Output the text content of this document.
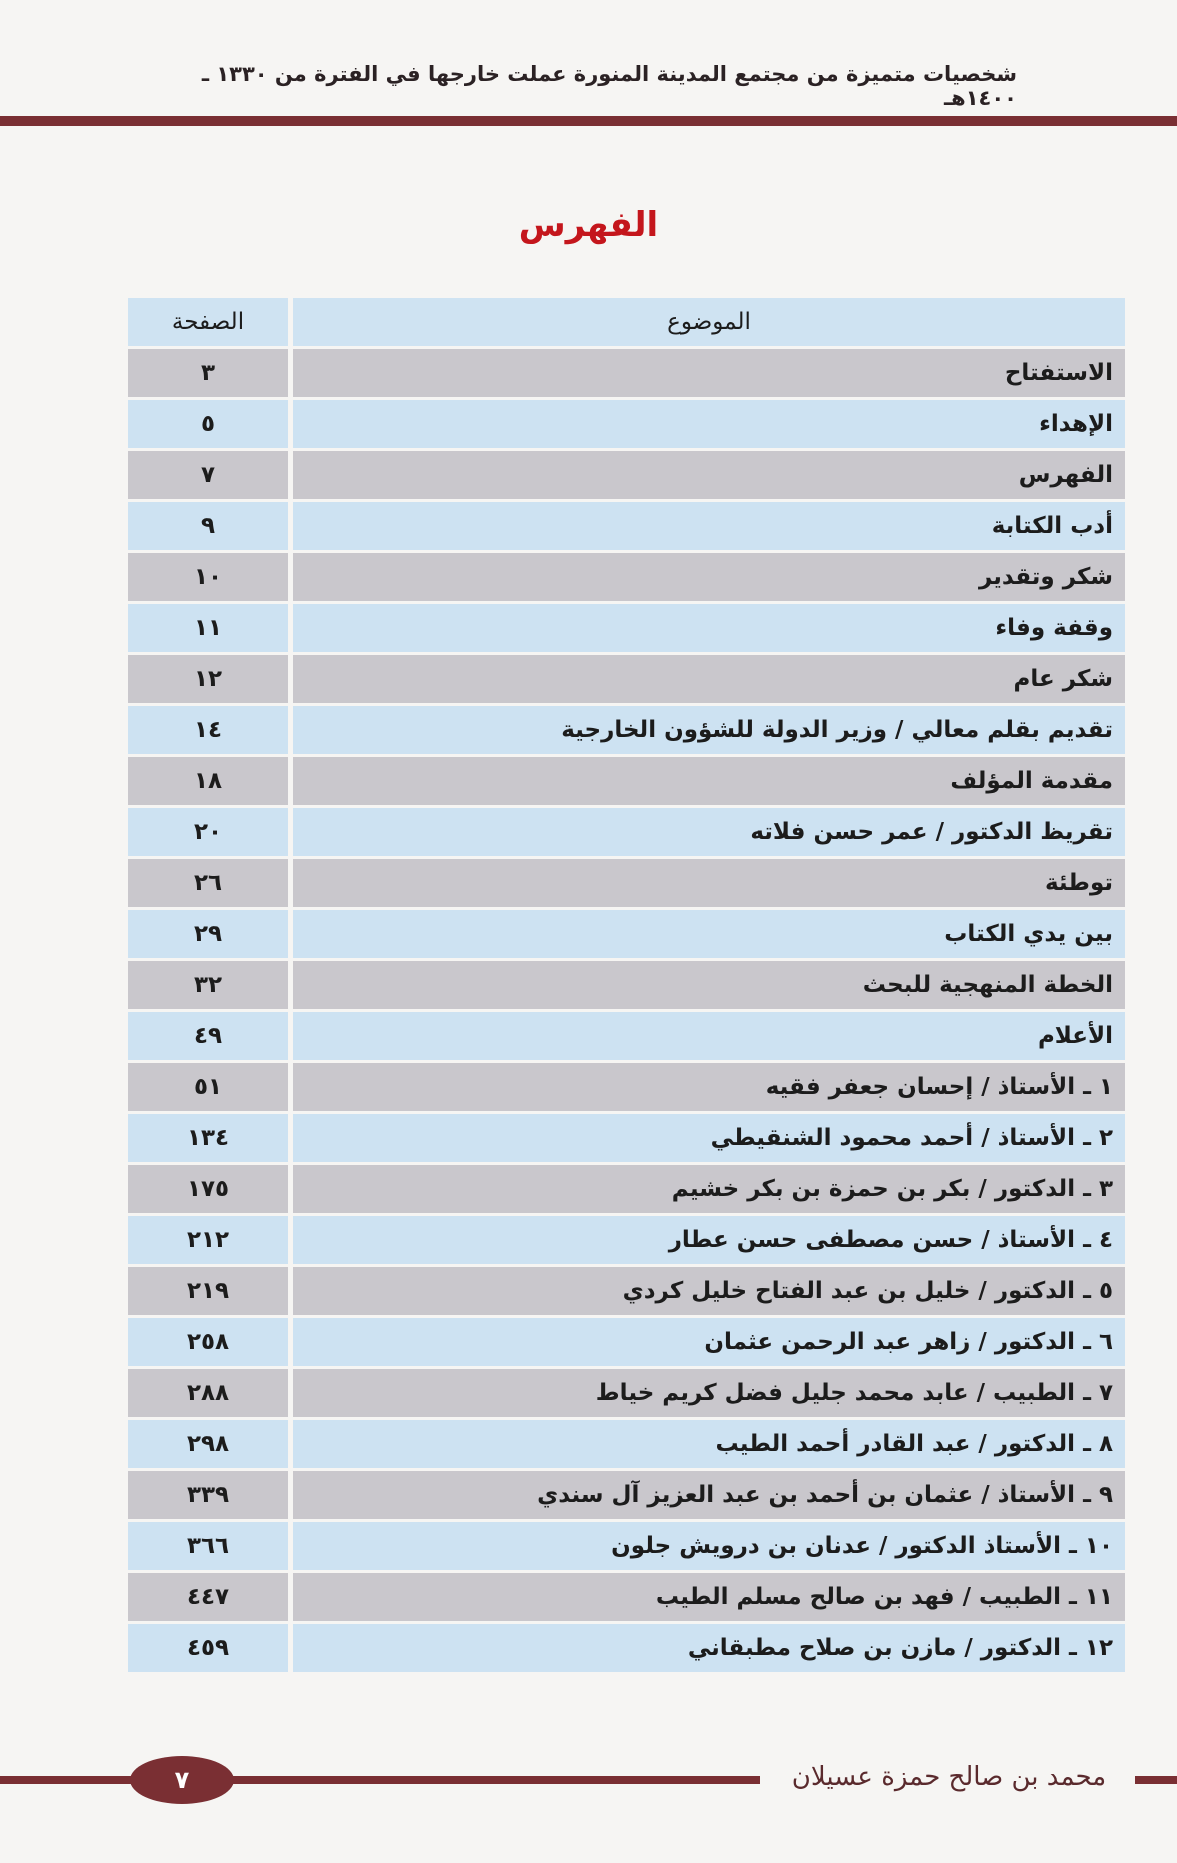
شخصيات متميزة من مجتمع المدينة المنورة عملت خارجها في الفترة من ١٣٣٠ ـ ١٤٠٠هـ
الفهرس
الموضوع	الصفحة
الاستفتاح	٣
الإهداء	٥
الفهرس	٧
أدب الكتابة	٩
شكر وتقدير	١٠
وقفة وفاء	١١
شكر عام	١٢
تقديم بقلم معالي / وزير الدولة للشؤون الخارجية	١٤
مقدمة المؤلف	١٨
تقريظ الدكتور / عمر حسن فلاته	٢٠
توطئة	٢٦
بين يدي الكتاب	٢٩
الخطة المنهجية للبحث	٣٢
الأعلام	٤٩
١ ـ الأستاذ / إحسان جعفر فقيه	٥١
٢ ـ الأستاذ / أحمد محمود الشنقيطي	١٣٤
٣ ـ الدكتور / بكر بن حمزة بن بكر خشيم	١٧٥
٤ ـ الأستاذ / حسن مصطفى حسن عطار	٢١٢
٥ ـ الدكتور / خليل بن عبد الفتاح خليل كردي	٢١٩
٦ ـ الدكتور / زاهر عبد الرحمن عثمان	٢٥٨
٧ ـ الطبيب / عابد محمد جليل فضل كريم خياط	٢٨٨
٨ ـ الدكتور / عبد القادر أحمد الطيب	٢٩٨
٩ ـ الأستاذ / عثمان بن أحمد بن عبد العزيز آل سندي	٣٣٩
١٠ ـ الأستاذ الدكتور / عدنان بن درويش جلون	٣٦٦
١١ ـ الطبيب / فهد بن صالح مسلم الطيب	٤٤٧
١٢ ـ الدكتور / مازن بن صلاح مطبقاني	٤٥٩
٧	محمد بن صالح حمزة عسيلان
